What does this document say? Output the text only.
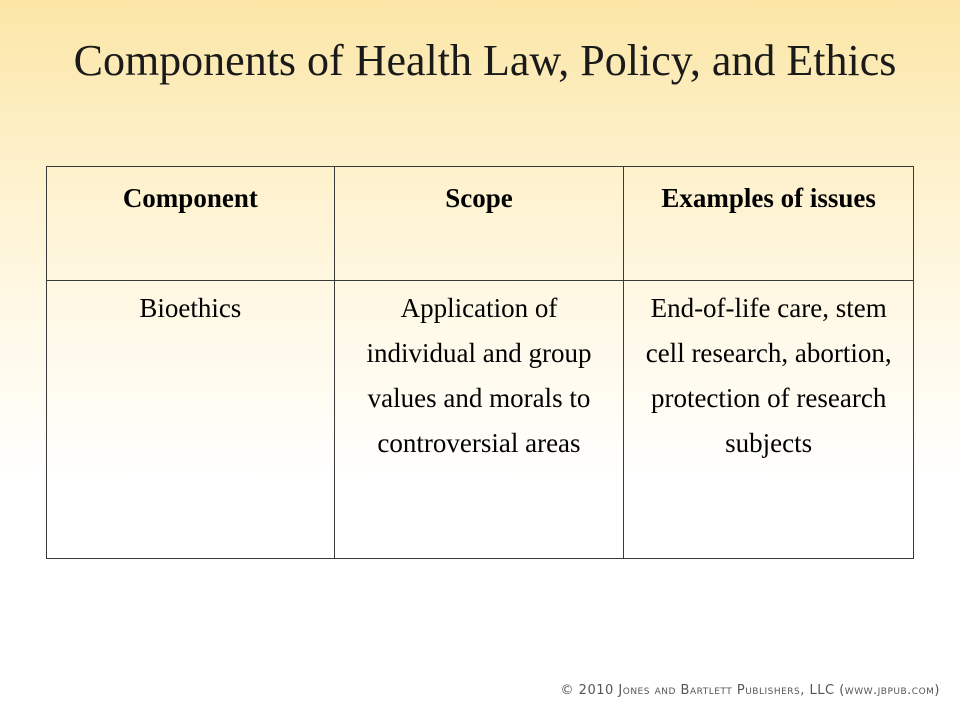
Components of Health Law, Policy, and Ethics
Component	Scope	Examples of issues
Bioethics	Application of individual and group values and morals to controversial areas	End-of-life care, stem cell research, abortion, protection of research subjects
© 2010 Jones and Bartlett Publishers, LLC (www.jbpub.com)
